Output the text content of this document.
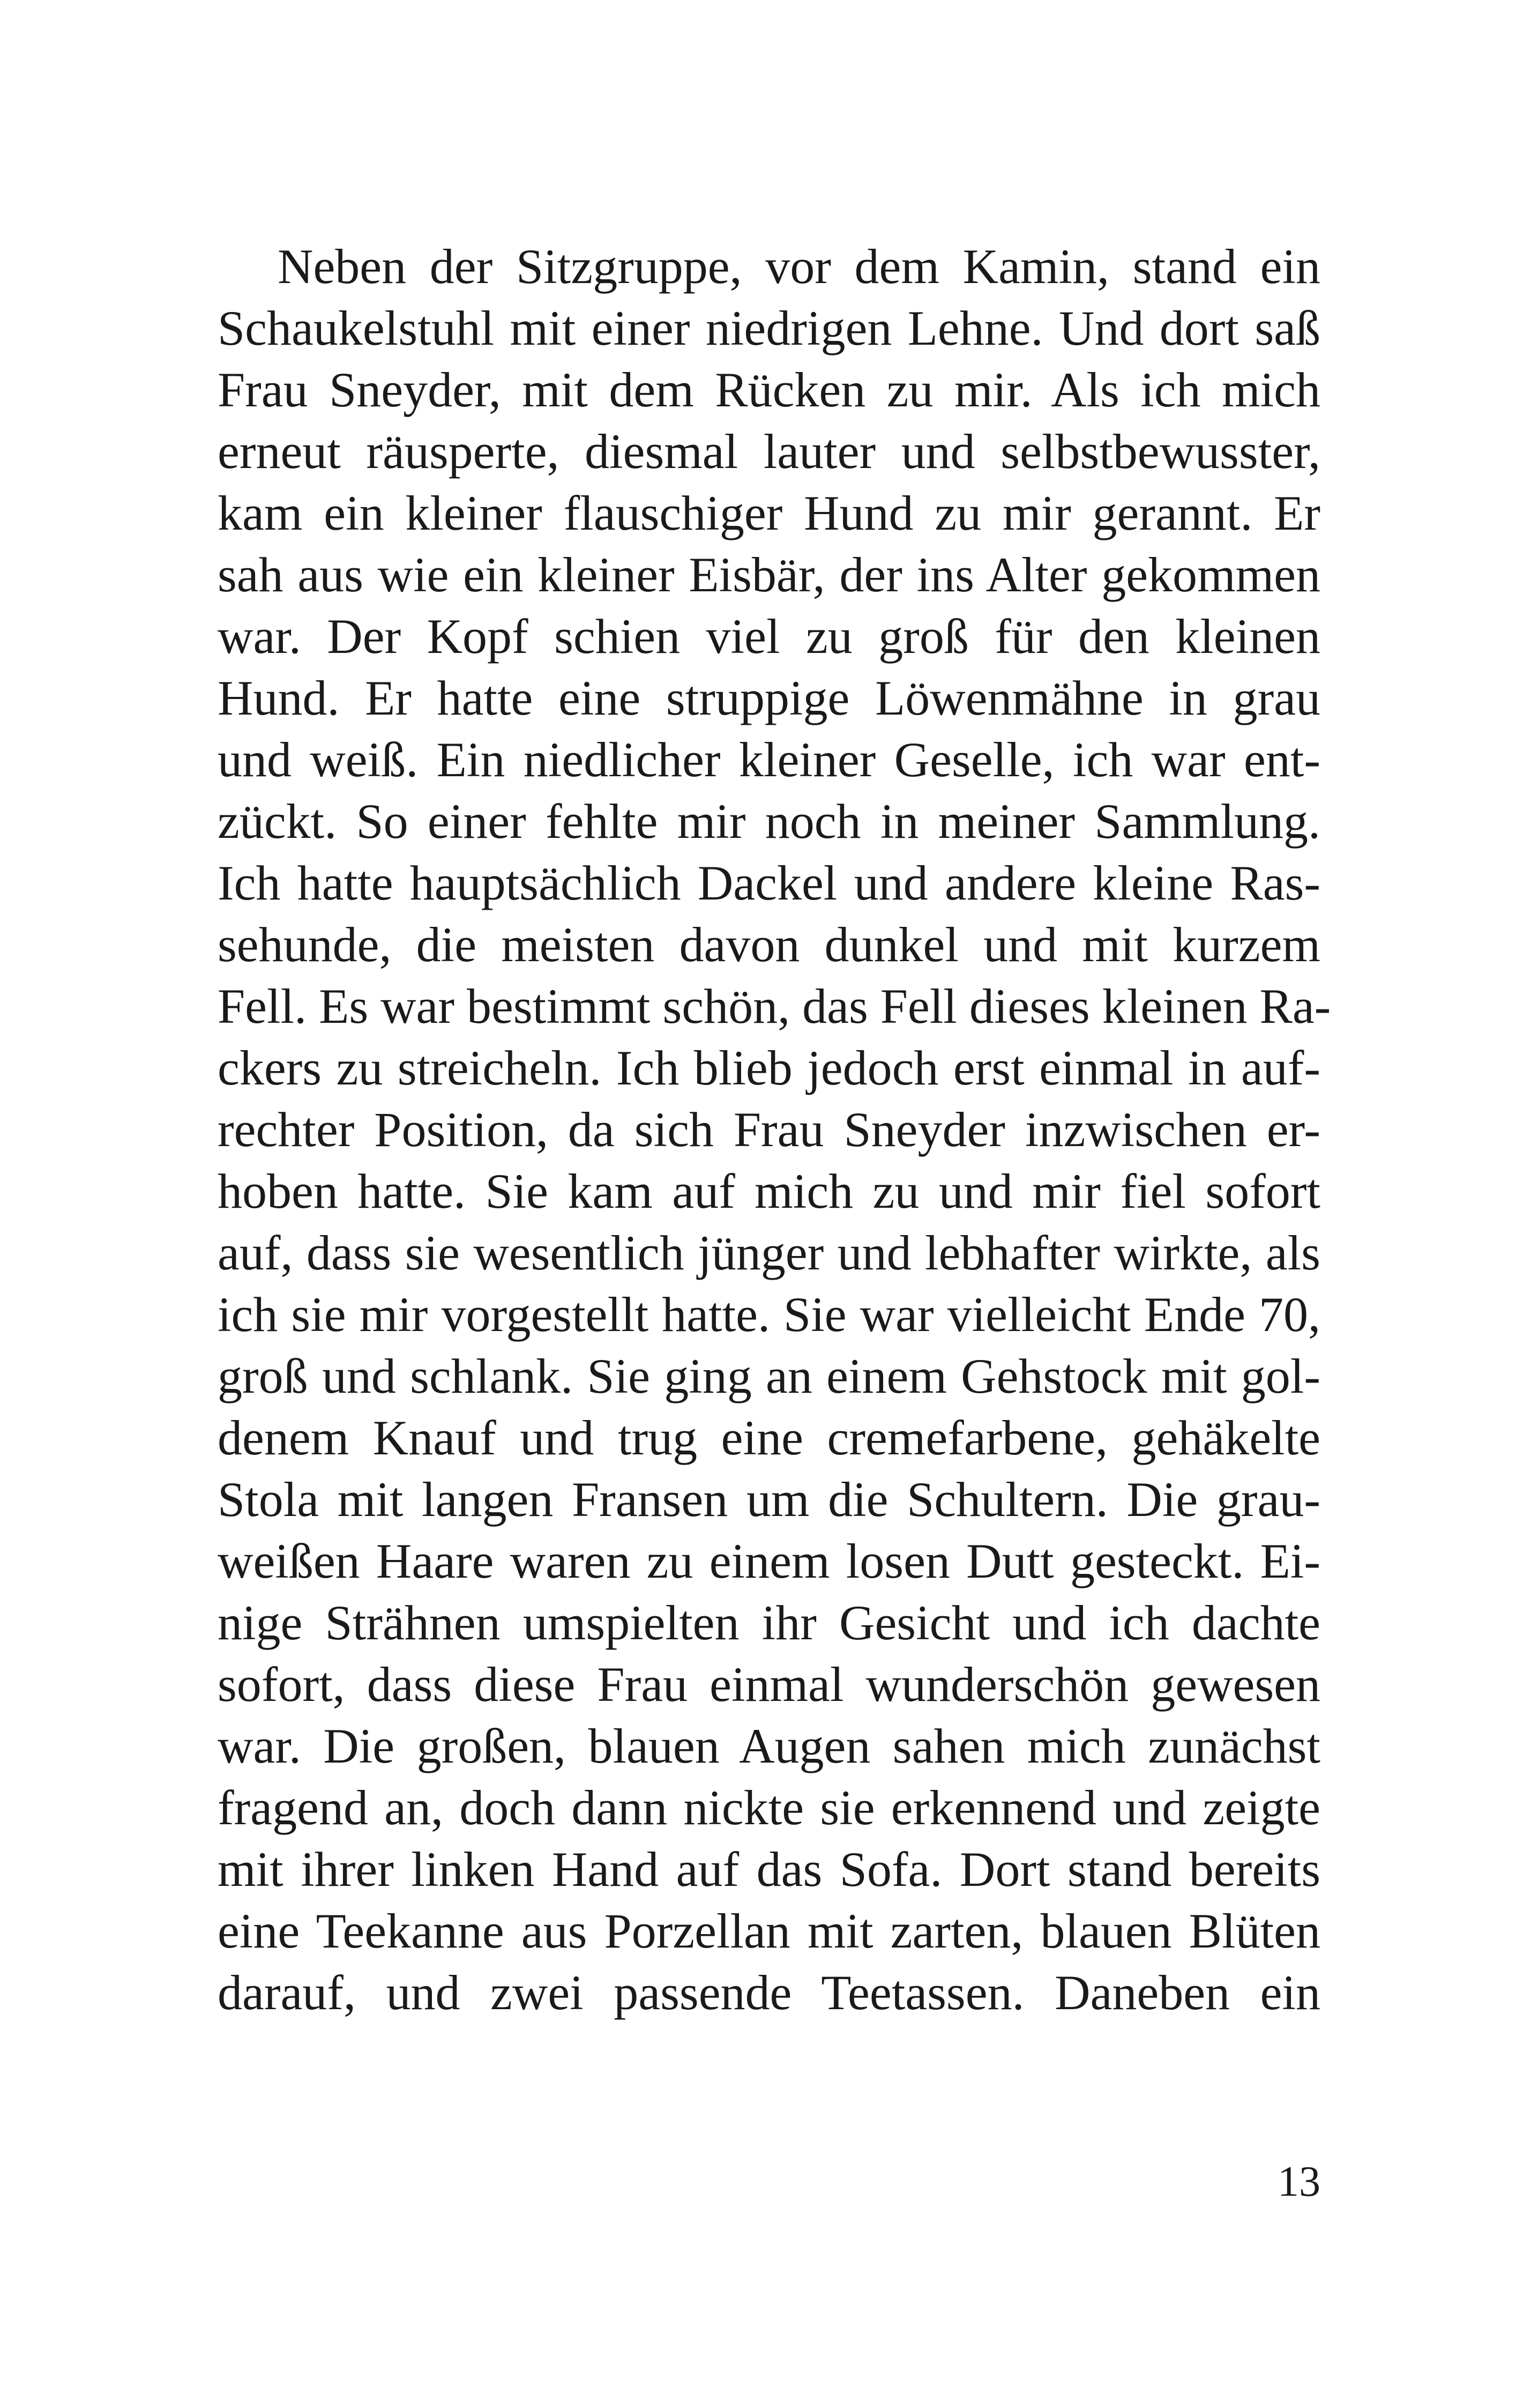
Neben der Sitzgruppe, vor dem Kamin, stand ein
Schaukelstuhl mit einer niedrigen Lehne. Und dort saß
Frau Sneyder, mit dem Rücken zu mir. Als ich mich
erneut räusperte, diesmal lauter und selbstbewusster,
kam ein kleiner flauschiger Hund zu mir gerannt. Er
sah aus wie ein kleiner Eisbär, der ins Alter gekommen
war. Der Kopf schien viel zu groß für den kleinen
Hund. Er hatte eine struppige Löwenmähne in grau
und weiß. Ein niedlicher kleiner Geselle, ich war ent-
zückt. So einer fehlte mir noch in meiner Sammlung.
Ich hatte hauptsächlich Dackel und andere kleine Ras-
sehunde, die meisten davon dunkel und mit kurzem
Fell. Es war bestimmt schön, das Fell dieses kleinen Ra-
ckers zu streicheln. Ich blieb jedoch erst einmal in auf-
rechter Position, da sich Frau Sneyder inzwischen er-
hoben hatte. Sie kam auf mich zu und mir fiel sofort
auf, dass sie wesentlich jünger und lebhafter wirkte, als
ich sie mir vorgestellt hatte. Sie war vielleicht Ende 70,
groß und schlank. Sie ging an einem Gehstock mit gol-
denem Knauf und trug eine cremefarbene, gehäkelte
Stola mit langen Fransen um die Schultern. Die grau-
weißen Haare waren zu einem losen Dutt gesteckt. Ei-
nige Strähnen umspielten ihr Gesicht und ich dachte
sofort, dass diese Frau einmal wunderschön gewesen
war. Die großen, blauen Augen sahen mich zunächst
fragend an, doch dann nickte sie erkennend und zeigte
mit ihrer linken Hand auf das Sofa. Dort stand bereits
eine Teekanne aus Porzellan mit zarten, blauen Blüten
darauf, und zwei passende Teetassen. Daneben ein
13
